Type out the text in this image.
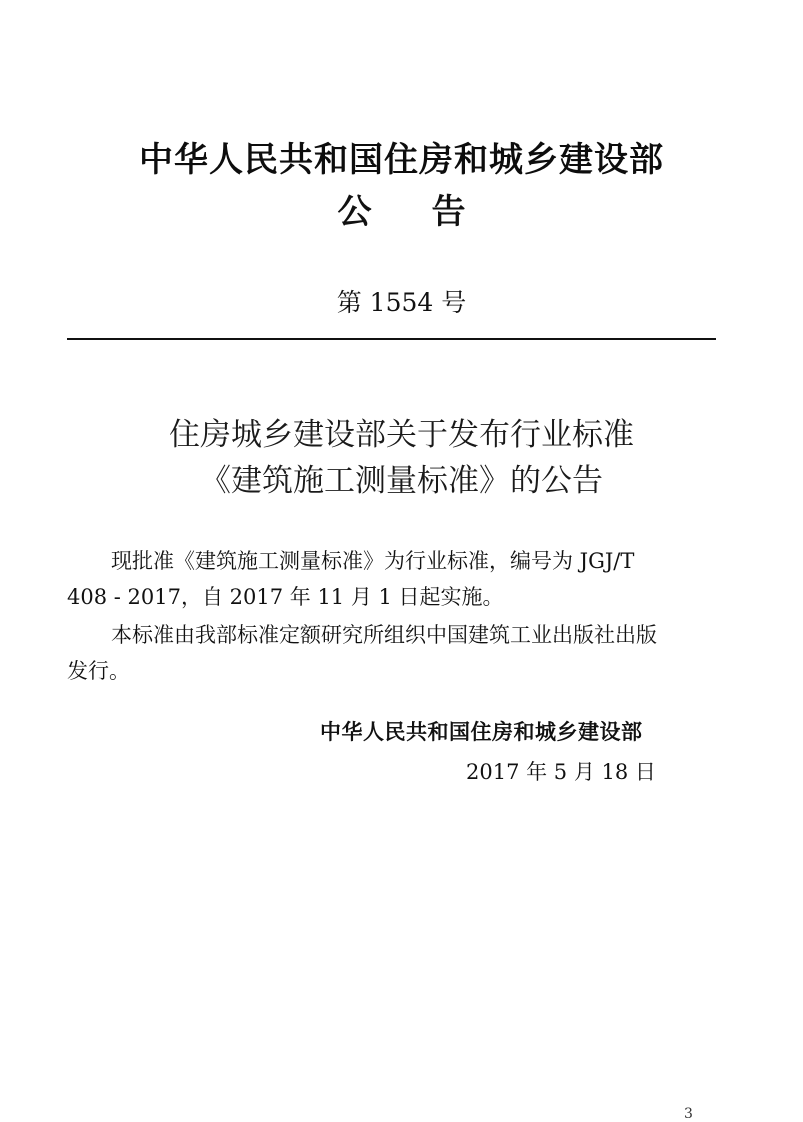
中华人民共和国住房和城乡建设部
公告
第 1554 号
住房城乡建设部关于发布行业标准
《建筑施工测量标准》的公告
现批准《建筑施工测量标准》为行业标准，编号为 JGJ/T
408 - 2017，自 2017 年 11 月 1 日起实施。
本标准由我部标准定额研究所组织中国建筑工业出版社出版
发行。
中华人民共和国住房和城乡建设部
2017 年 5 月 18 日
3
